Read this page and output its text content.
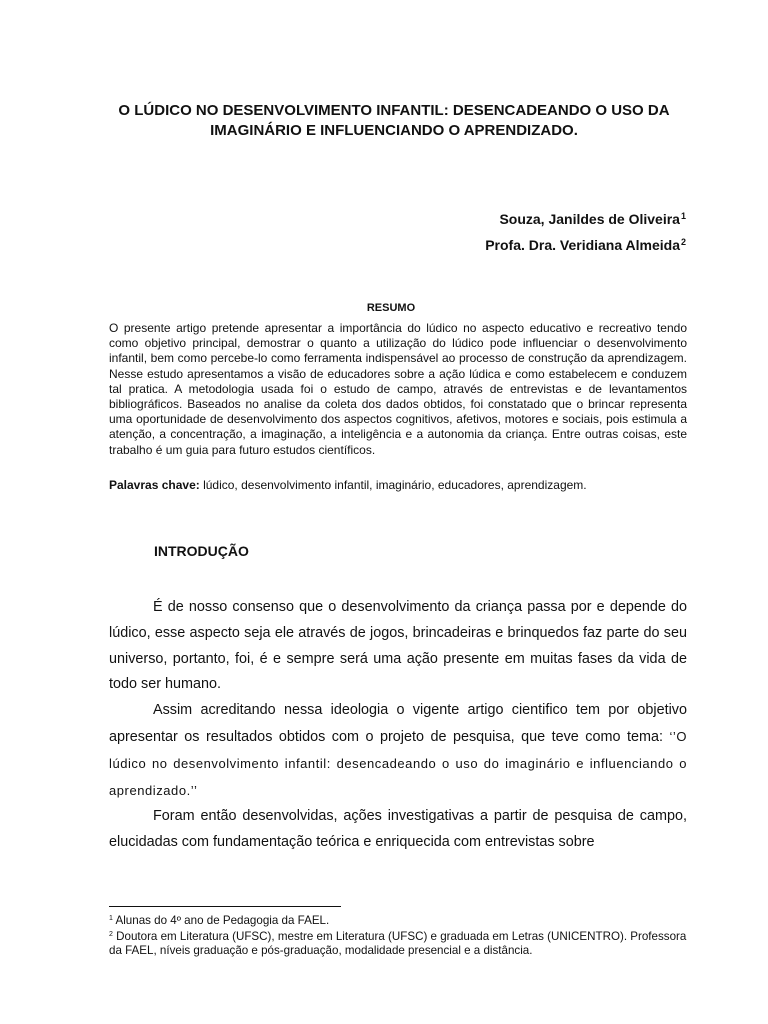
O LÚDICO NO DESENVOLVIMENTO INFANTIL: DESENCADEANDO O USO DA IMAGINÁRIO E INFLUENCIANDO O APRENDIZADO.
Souza, Janildes de Oliveira$^1$
Profa. Dra. Veridiana Almeida$^2$
RESUMO

O presente artigo pretende apresentar a importância do lúdico no aspecto educativo e recreativo tendo como objetivo principal, demostrar o quanto a utilização do lúdico pode influenciar o desenvolvimento infantil, bem como percebe-lo como ferramenta indispensável ao processo de construção da aprendizagem. Nesse estudo apresentamos a visão de educadores sobre a ação lúdica e como estabelecem e conduzem tal pratica. A metodologia usada foi o estudo de campo, através de entrevistas e de levantamentos bibliográficos. Baseados no analise da coleta dos dados obtidos, foi constatado que o brincar representa uma oportunidade de desenvolvimento dos aspectos cognitivos, afetivos, motores e sociais, pois estimula a atenção, a concentração, a imaginação, a inteligência e a autonomia da criança. Entre outras coisas, este trabalho é um guia para futuro estudos científicos.

Palavras chave: lúdico, desenvolvimento infantil, imaginário, educadores, aprendizagem.

INTRODUÇÃO

É de nosso consenso que o desenvolvimento da criança passa por e depende do lúdico, esse aspecto seja ele através de jogos, brincadeiras e brinquedos faz parte do seu universo, portanto, foi, é e sempre será uma ação presente em muitas fases da vida de todo ser humano.

Assim acreditando nessa ideologia o vigente artigo cientifico tem por objetivo apresentar os resultados obtidos com o projeto de pesquisa, que teve como tema: ‘’O lúdico no desenvolvimento infantil: desencadeando o uso do imaginário e influenciando o aprendizado.’’

Foram então desenvolvidas, ações investigativas a partir de pesquisa de campo, elucidadas com fundamentação teórica e enriquecida com entrevistas sobre

$^1$ Alunas do 4º ano de Pedagogia da FAEL.

$^2$ Doutora em Literatura (UFSC), mestre em Literatura (UFSC) e graduada em Letras (UNICENTRO). Professora da FAEL, níveis graduação e pós-graduação, modalidade presencial e a distância.
